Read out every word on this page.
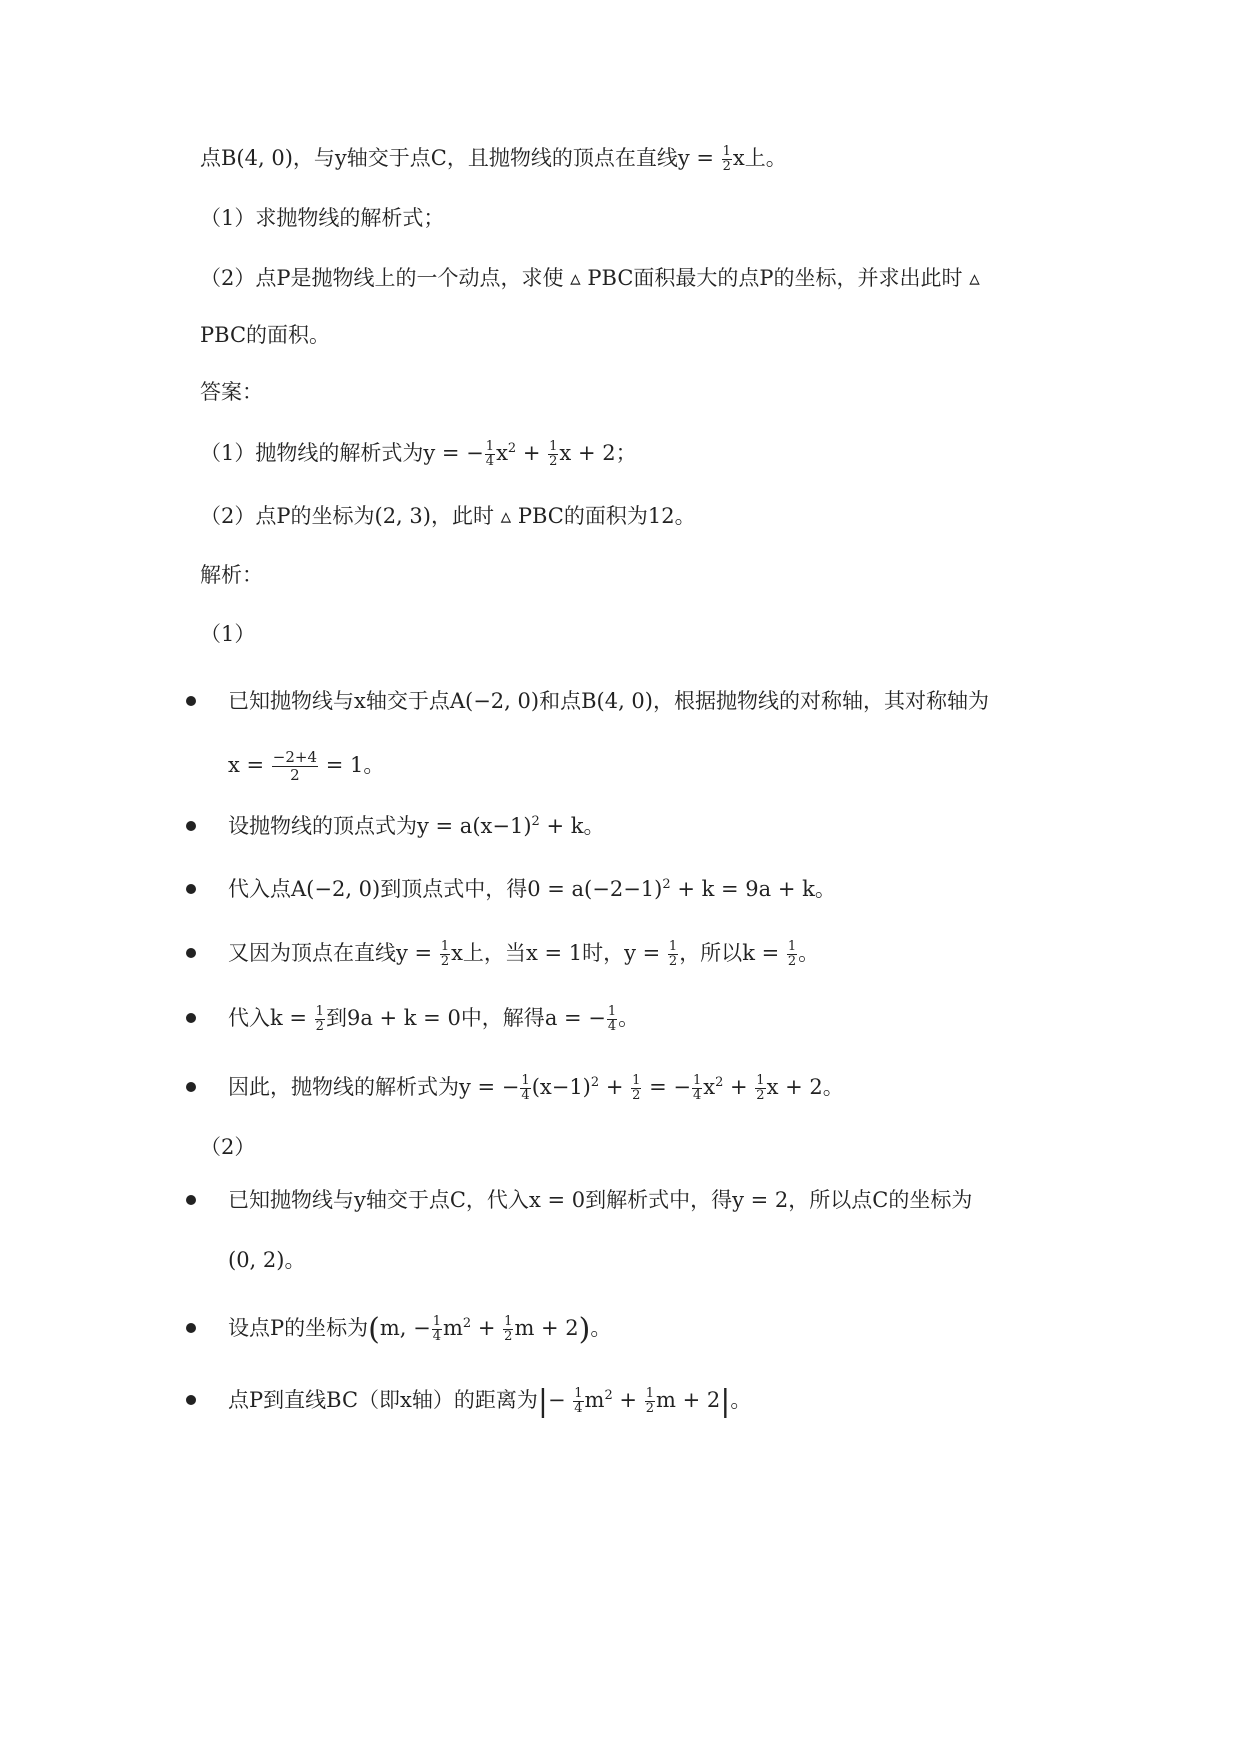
点B(4, 0)，与y轴交于点C，且抛物线的顶点在直线$y = \frac{1}{2}$ x上。
（1）求抛物线的解析式；
（2）点P是抛物线上的一个动点，求使 ▵ PBC面积最大的点P的坐标，并求出此时 ▵
PBC的面积。
答案：
（1）抛物线的解析式为y = − $\frac{1}{4} x^2 + \frac{1}{2}$ x + 2；
（2）点P的坐标为(2, 3)，此时 ▵ PBC的面积为12。
解析：
（1）
已知抛物线与x轴交于点A(−2, 0)和点B(4, 0)，根据抛物线的对称轴，其对称轴为
$x = \frac{-2+4}{2} = 1$。
设抛物线的顶点式为$y = a(x-1)^2 + k$。
代入点A(−2, 0)到顶点式中，得$0 = a(-2-1)^2 + k = 9a + k$。
又因为顶点在直线$y = \frac{1}{2}$ x上，当x = 1时，$y = \frac{1}{2}$ ，所以$k = \frac{1}{2}$ 。
代入$k = \frac{1}{2}$ 到9a + k = 0中，解得a = − $\frac{1}{4}$ 。
因此，抛物线的解析式为y = − $\frac{1}{4} (x-1)^2 + \frac{1}{2}$ = − $\frac{1}{4} x^2 + \frac{1}{2}$ x + 2。
（2）
已知抛物线与y轴交于点C，代入x = 0到解析式中，得y = 2，所以点C的坐标为
(0, 2)。
设点P的坐标为(m, − $\frac{1}{4} m^2 + \frac{1}{2}$ m + 2)。
点P到直线BC（即x轴）的距离为|− $\frac{1}{4} m^2 + \frac{1}{2}$ m + 2|。
